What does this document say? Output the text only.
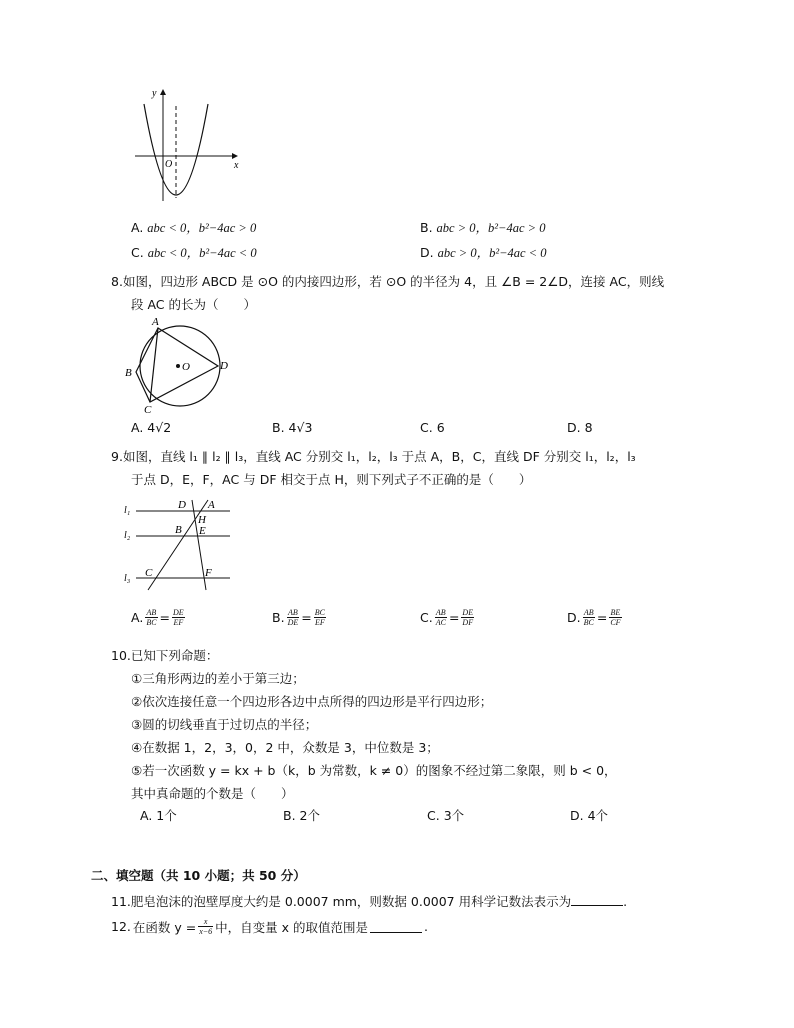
y
x
O
A. abc < 0，b²−4ac > 0	B. abc > 0，b²−4ac > 0
C. abc < 0，b²−4ac < 0	D. abc > 0，b²−4ac < 0
8.如图，四边形 ABCD 是 ⊙O 的内接四边形，若 ⊙O 的半径为 4，且 ∠B = 2∠D，连接 AC，则线
段 AC 的长为（　　）
A
B
C
D
O
A. 4√2	B. 4√3	C. 6	D. 8
9.如图，直线 l₁ ∥ l₂ ∥ l₃，直线 AC 分别交 l₁，l₂，l₃ 于点 A，B，C，直线 DF 分别交 l₁，l₂，l₃
于点 D，E，F，AC 与 DF 相交于点 H，则下列式子不正确的是（　　）
l₁
l₂
l₃
D A
H
B E
C	F
A. $\frac{AB}{BC} = \frac{DE}{EF}$	B. $\frac{AB}{DE} = \frac{BC}{EF}$	C. $\frac{AB}{AC} = \frac{DE}{DF}$	D. $\frac{AB}{BC} = \frac{BE}{CF}$
10.已知下列命题：
①三角形两边的差小于第三边；
②依次连接任意一个四边形各边中点所得的四边形是平行四边形；
③圆的切线垂直于过切点的半径；
④在数据 1，2，3，0，2 中，众数是 3，中位数是 3；
⑤若一次函数 y = kx + b（k，b 为常数，k ≠ 0）的图象不经过第二象限，则 b < 0，
其中真命题的个数是（　　）
A. 1个	B. 2个	C. 3个	D. 4个
二、填空题（共 10 小题；共 50 分）
11.肥皂泡沫的泡壁厚度大约是 0.0007 mm，则数据 0.0007 用科学记数法表示为	.
12. 在函数 $y = \frac{x}{x-6}$ 中，自变量 x 的取值范围是	.
